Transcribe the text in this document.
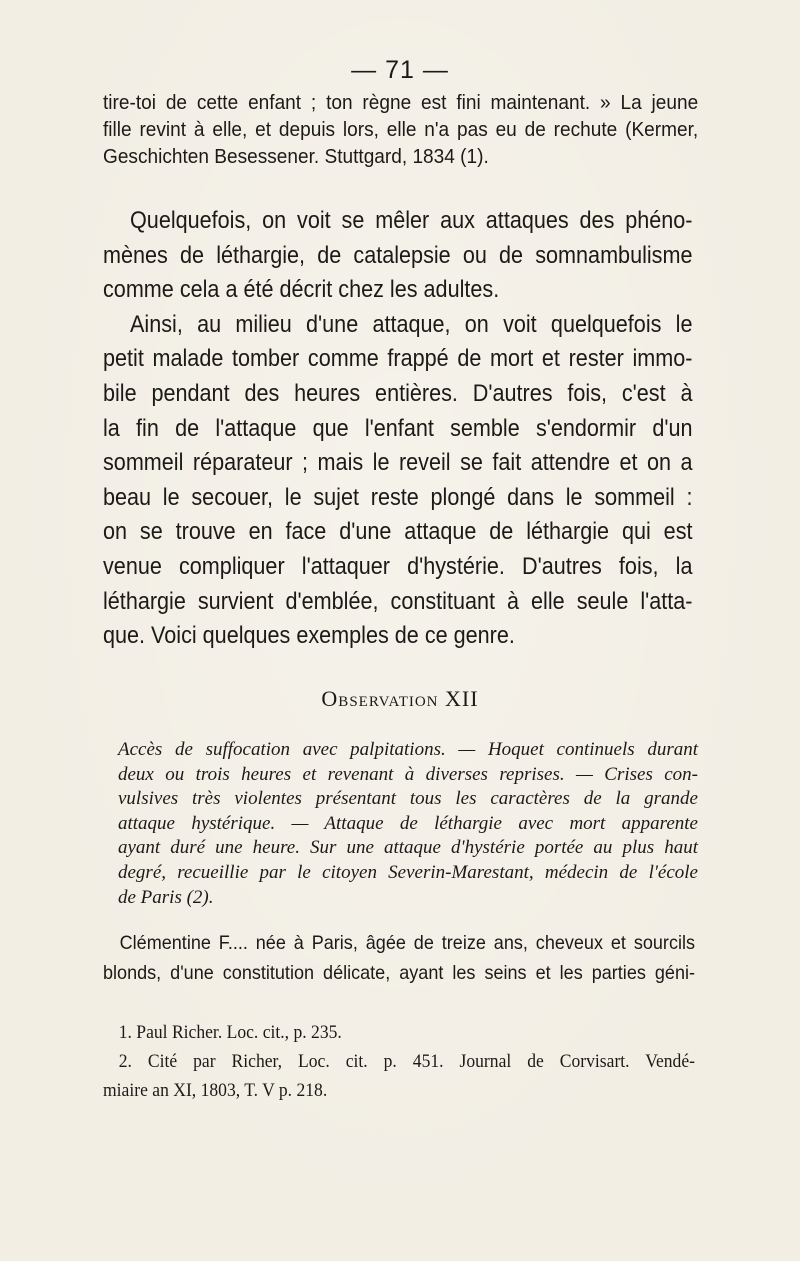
— 71 —
tire-toi de cette enfant ; ton règne est fini maintenant. » La jeune
fille revint à elle, et depuis lors, elle n'a pas eu de rechute (Kermer,
Geschichten Besessener. Stuttgard, 1834 (1).
Quelquefois, on voit se mêler aux attaques des phéno-
mènes de léthargie, de catalepsie ou de somnambulisme
comme cela a été décrit chez les adultes.
Ainsi, au milieu d'une attaque, on voit quelquefois le
petit malade tomber comme frappé de mort et rester immo-
bile pendant des heures entières. D'autres fois, c'est à
la fin de l'attaque que l'enfant semble s'endormir d'un
sommeil réparateur ; mais le reveil se fait attendre et on a
beau le secouer, le sujet reste plongé dans le sommeil :
on se trouve en face d'une attaque de léthargie qui est
venue compliquer l'attaquer d'hystérie. D'autres fois, la
léthargie survient d'emblée, constituant à elle seule l'atta-
que. Voici quelques exemples de ce genre.
Observation XII
Accès de suffocation avec palpitations. — Hoquet continuels durant
deux ou trois heures et revenant à diverses reprises. — Crises con-
vulsives très violentes présentant tous les caractères de la grande
attaque hystérique. — Attaque de léthargie avec mort apparente
ayant duré une heure. Sur une attaque d'hystérie portée au plus haut
degré, recueillie par le citoyen Severin-Marestant, médecin de l'école
de Paris (2).
Clémentine F.... née à Paris, âgée de treize ans, cheveux et sourcils
blonds, d'une constitution délicate, ayant les seins et les parties géni-
1. Paul Richer. Loc. cit., p. 235.
2. Cité par Richer, Loc. cit. p. 451. Journal de Corvisart. Vendé-
miaire an XI, 1803, T. V p. 218.
